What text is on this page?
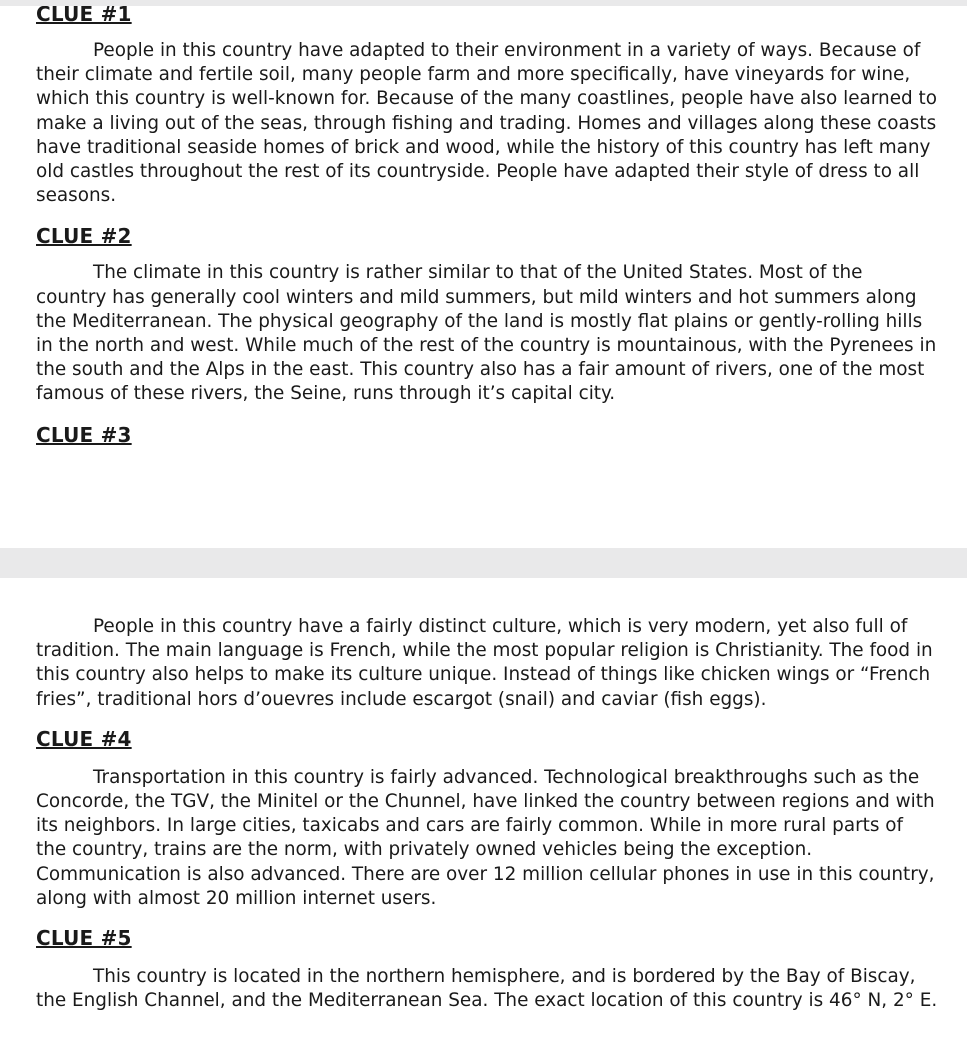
CLUE #1

People in this country have adapted to their environment in a variety of ways. Because of their climate and fertile soil, many people farm and more specifically, have vineyards for wine, which this country is well-known for. Because of the many coastlines, people have also learned to make a living out of the seas, through fishing and trading. Homes and villages along these coasts have traditional seaside homes of brick and wood, while the history of this country has left many old castles throughout the rest of its countryside. People have adapted their style of dress to all seasons.

CLUE #2

The climate in this country is rather similar to that of the United States. Most of the country has generally cool winters and mild summers, but mild winters and hot summers along the Mediterranean. The physical geography of the land is mostly flat plains or gently-rolling hills in the north and west. While much of the rest of the country is mountainous, with the Pyrenees in the south and the Alps in the east. This country also has a fair amount of rivers, one of the most famous of these rivers, the Seine, runs through it’s capital city.

CLUE #3

People in this country have a fairly distinct culture, which is very modern, yet also full of tradition. The main language is French, while the most popular religion is Christianity. The food in this country also helps to make its culture unique. Instead of things like chicken wings or “French fries”, traditional hors d’ouevres include escargot (snail) and caviar (fish eggs).

CLUE #4

Transportation in this country is fairly advanced. Technological breakthroughs such as the Concorde, the TGV, the Minitel or the Chunnel, have linked the country between regions and with its neighbors. In large cities, taxicabs and cars are fairly common. While in more rural parts of the country, trains are the norm, with privately owned vehicles being the exception. Communication is also advanced. There are over 12 million cellular phones in use in this country, along with almost 20 million internet users.

CLUE #5

This country is located in the northern hemisphere, and is bordered by the Bay of Biscay, the English Channel, and the Mediterranean Sea. The exact location of this country is 46° N, 2° E.
